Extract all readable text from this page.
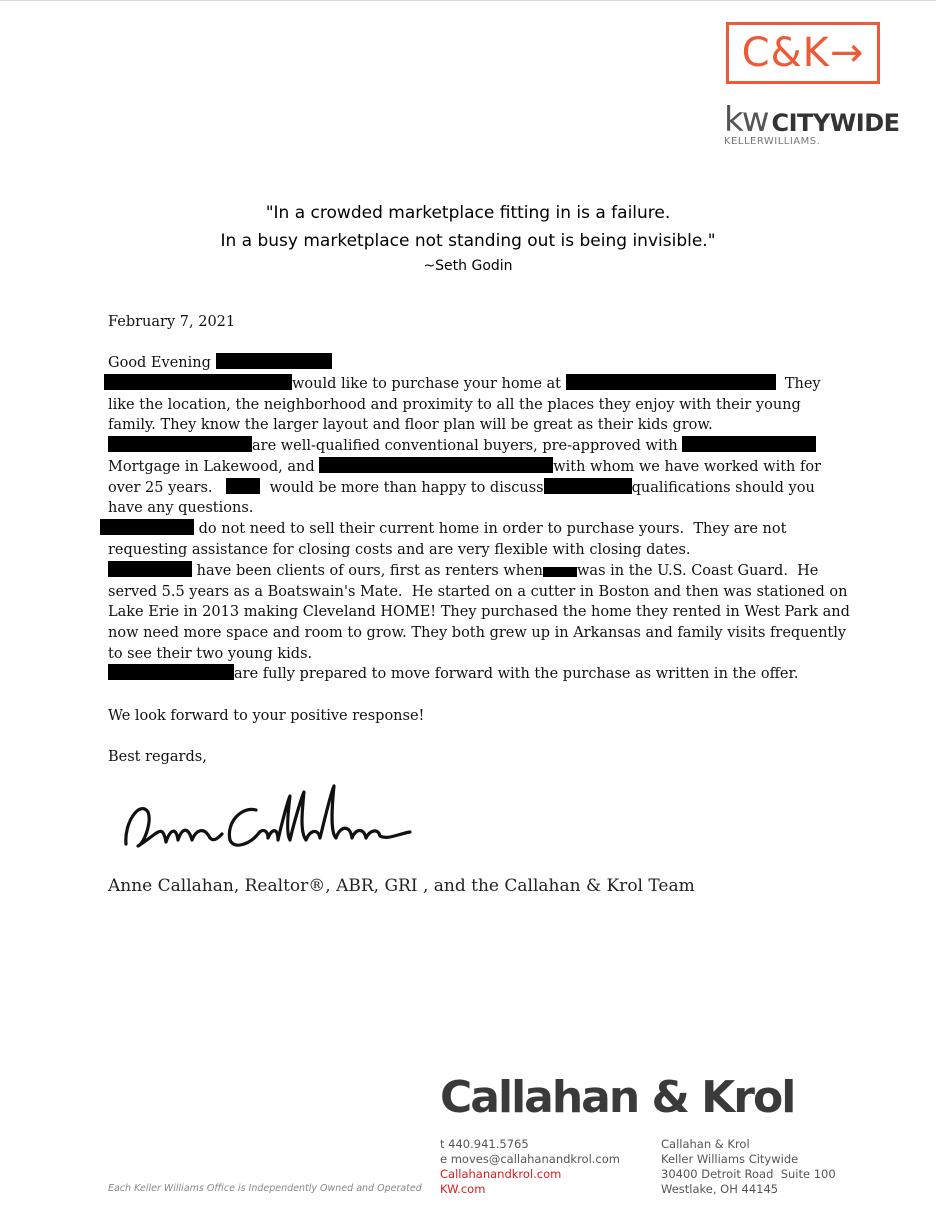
C&K→
kw CITYWIDE
KELLERWILLIAMS.
"In a crowded marketplace fitting in is a failure.
In a busy marketplace not standing out is being invisible."
~Seth Godin
February 7, 2021
Good Evening
would like to purchase your home at	They
like the location, the neighborhood and proximity to all the places they enjoy with their young
family. They know the larger layout and floor plan will be great as their kids grow.
are well-qualified conventional buyers, pre-approved with
Mortgage in Lakewood, and	with whom we have worked with for
over 25 years.	would be more than happy to discuss	qualifications should you
have any questions.
do not need to sell their current home in order to purchase yours.  They are not
requesting assistance for closing costs and are very flexible with closing dates.
have been clients of ours, first as renters when was in the U.S. Coast Guard.  He
served 5.5 years as a Boatswain's Mate.  He started on a cutter in Boston and then was stationed on
Lake Erie in 2013 making Cleveland HOME! They purchased the home they rented in West Park and
now need more space and room to grow. They both grew up in Arkansas and family visits frequently
to see their two young kids.
are fully prepared to move forward with the purchase as written in the offer.
We look forward to your positive response!
Best regards,
Anne Callahan, Realtor®, ABR, GRI , and the Callahan & Krol Team
Callahan & Krol
t 440.941.5765
e moves@callahanandkrol.com
Callahanandkrol.com
KW.com
Callahan & Krol
Keller Williams Citywide
30400 Detroit Road  Suite 100
Westlake, OH 44145
Each Keller Williams Office is Independently Owned and Operated
